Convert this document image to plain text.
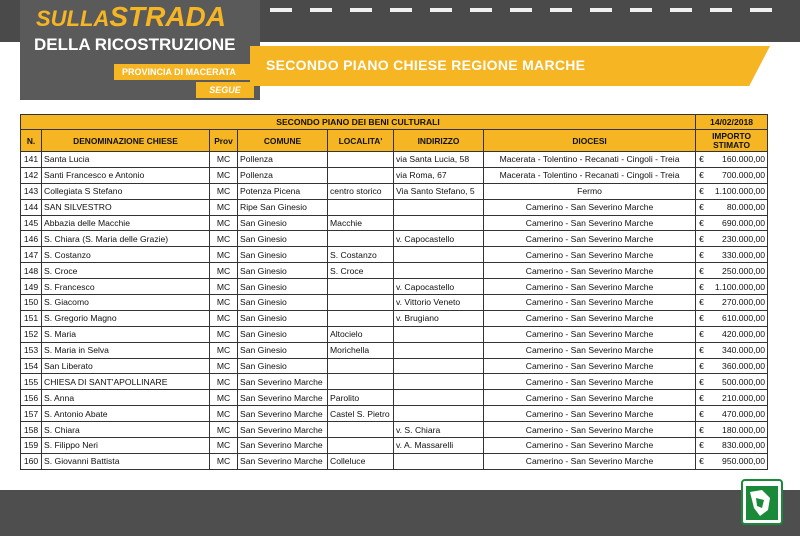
SULLASTRADA
DELLA RICOSTRUZIONE
PROVINCIA DI MACERATA
SEGUE
SECONDO PIANO CHIESE REGIONE MARCHE
SECONDO PIANO DEI BENI CULTURALI							14/02/2018
N.	DENOMINAZIONE CHIESE	Prov	COMUNE	LOCALITA'	INDIRIZZO	DIOCESI	IMPORTO STIMATO
141	Santa Lucia	MC	Pollenza		via Santa Lucia, 58	Macerata - Tolentino - Recanati - Cingoli - Treia	€ 160.000,00

142	Santi Francesco e Antonio	MC	Pollenza		via Roma, 67	Macerata - Tolentino - Recanati - Cingoli - Treia	€ 700.000,00

143	Collegiata S Stefano	MC	Potenza Picena	centro storico	Via Santo Stefano, 5	Fermo	€ 1.100.000,00

144	SAN SILVESTRO	MC	Ripe San Ginesio			Camerino - San Severino Marche	€ 80.000,00

145	Abbazia delle Macchie	MC	San Ginesio	Macchie		Camerino - San Severino Marche	€ 690.000,00

146	S. Chiara (S. Maria delle Grazie)	MC	San Ginesio		v. Capocastello	Camerino - San Severino Marche	€ 230.000,00

147	S. Costanzo	MC	San Ginesio	S. Costanzo		Camerino - San Severino Marche	€ 330.000,00

148	S. Croce	MC	San Ginesio	S. Croce		Camerino - San Severino Marche	€ 250.000,00

149	S. Francesco	MC	San Ginesio		v. Capocastello	Camerino - San Severino Marche	€ 1.100.000,00

150	S. Giacomo	MC	San Ginesio		v. Vittorio Veneto	Camerino - San Severino Marche	€ 270.000,00

151	S. Gregorio Magno	MC	San Ginesio		v. Brugiano	Camerino - San Severino Marche	€ 610.000,00

152	S. Maria	MC	San Ginesio	Altocielo		Camerino - San Severino Marche	€ 420.000,00

153	S. Maria in Selva	MC	San Ginesio	Morichella		Camerino - San Severino Marche	€ 340.000,00

154	San Liberato	MC	San Ginesio			Camerino - San Severino Marche	€ 360.000,00

155	CHIESA DI SANT'APOLLINARE	MC	San Severino Marche			Camerino - San Severino Marche	€ 500.000,00

156	S. Anna	MC	San Severino Marche	Parolito		Camerino - San Severino Marche	€ 210.000,00

157	S. Antonio Abate	MC	San Severino Marche	Castel S. Pietro		Camerino - San Severino Marche	€ 470.000,00

158	S. Chiara	MC	San Severino Marche		v. S. Chiara	Camerino - San Severino Marche	€ 180.000,00

159	S. Filippo Neri	MC	San Severino Marche		v. A. Massarelli	Camerino - San Severino Marche	€ 830.000,00

160	S. Giovanni Battista	MC	San Severino Marche	Colleluce		Camerino - San Severino Marche	€ 950.000,00
